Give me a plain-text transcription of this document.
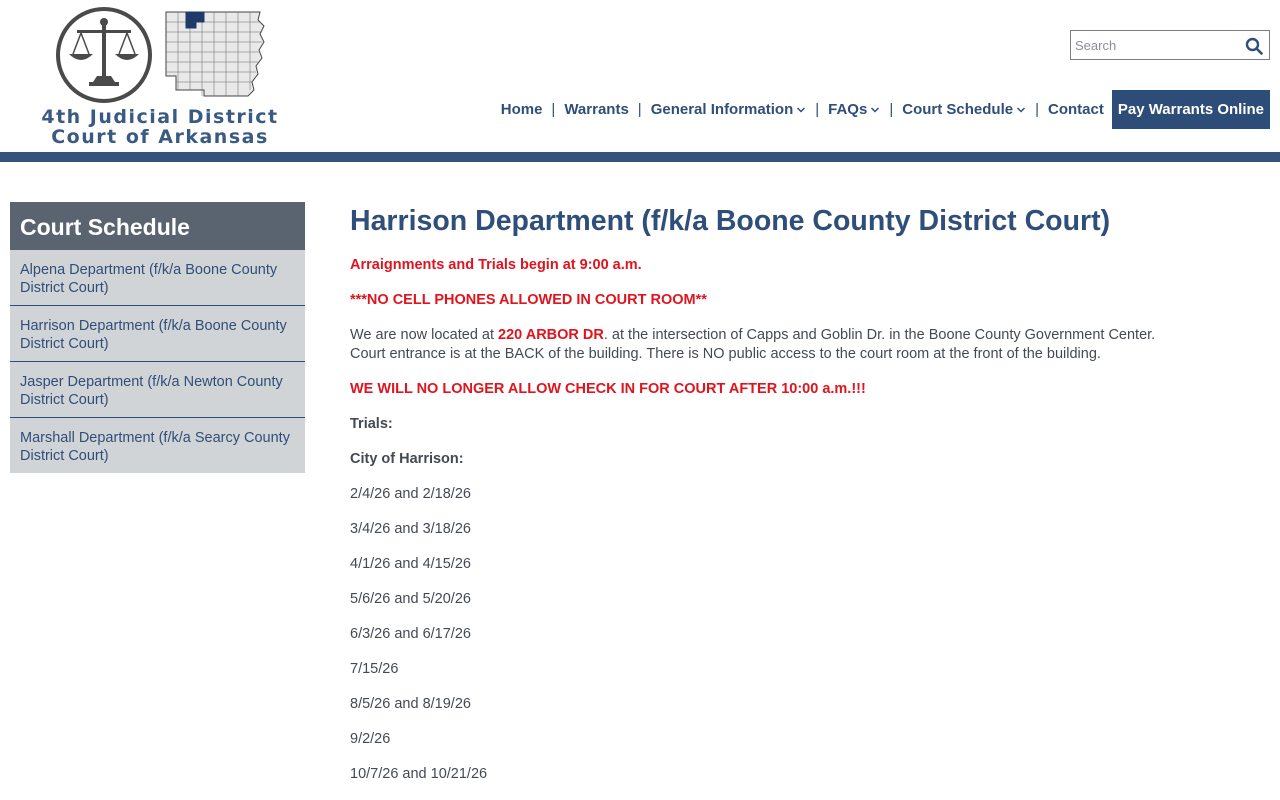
4th Judicial District
Court of Arkansas
Search
Home | Warrants | General Information | FAQs | Court Schedule | Contact Pay Warrants Online
Court Schedule
Alpena Department (f/k/a Boone County District Court)
Harrison Department (f/k/a Boone County District Court)
Jasper Department (f/k/a Newton County District Court)
Marshall Department (f/k/a Searcy County District Court)
Harrison Department (f/k/a Boone County District Court)

Arraignments and Trials begin at 9:00 a.m.

***NO CELL PHONES ALLOWED IN COURT ROOM**

We are now located at 220 ARBOR DR. at the intersection of Capps and Goblin Dr. in the Boone County Government Center. Court entrance is at the BACK of the building. There is NO public access to the court room at the front of the building.

WE WILL NO LONGER ALLOW CHECK IN FOR COURT AFTER 10:00 a.m.!!!

Trials:

City of Harrison:

2/4/26 and 2/18/26

3/4/26 and 3/18/26

4/1/26 and 4/15/26

5/6/26 and 5/20/26

6/3/26 and 6/17/26

7/15/26

8/5/26 and 8/19/26

9/2/26

10/7/26 and 10/21/26
